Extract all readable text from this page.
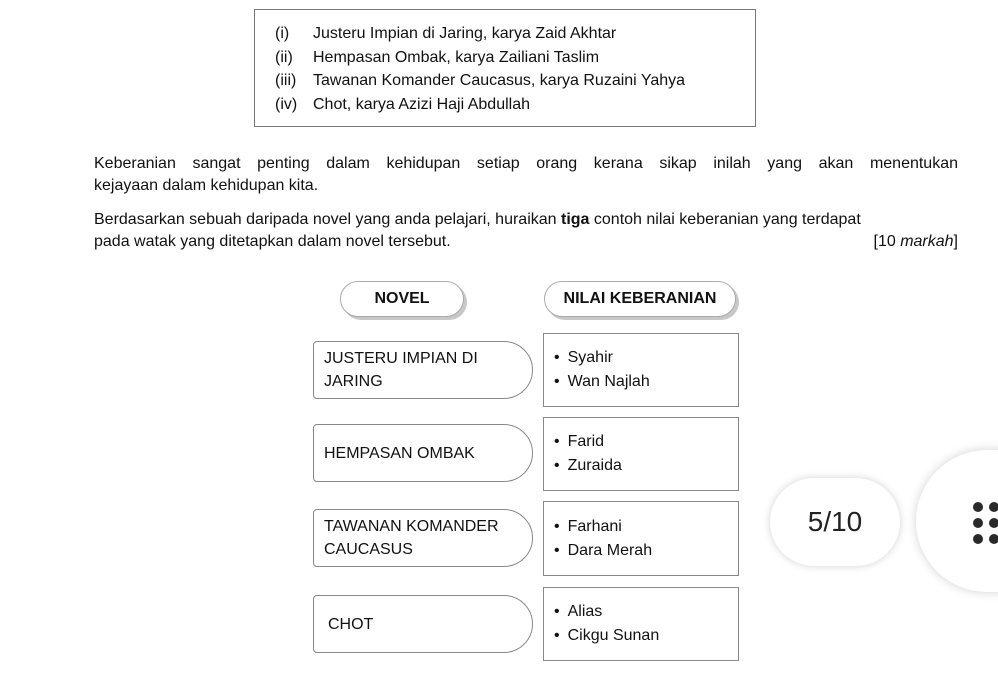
(i)	Justeru Impian di Jaring, karya Zaid Akhtar
(ii)	Hempasan Ombak, karya Zailiani Taslim
(iii)	Tawanan Komander Caucasus, karya Ruzaini Yahya
(iv) Chot, karya Azizi Haji Abdullah

Keberanian sangat penting dalam kehidupan setiap orang kerana sikap inilah yang akan menentukan
kejayaan dalam kehidupan kita.

Berdasarkan sebuah daripada novel yang anda pelajari, huraikan tiga contoh nilai keberanian yang terdapat
pada watak yang ditetapkan dalam novel tersebut.	[10 markah]

NOVEL	NILAI KEBERANIAN
JUSTERU IMPIAN DI
JARING
• Syahir
• Wan Najlah
HEMPASAN OMBAK
• Farid
• Zuraida
TAWANAN KOMANDER
CAUCASUS
• Farhani
• Dara Merah
CHOT
• Alias
• Cikgu Sunan
5/10
